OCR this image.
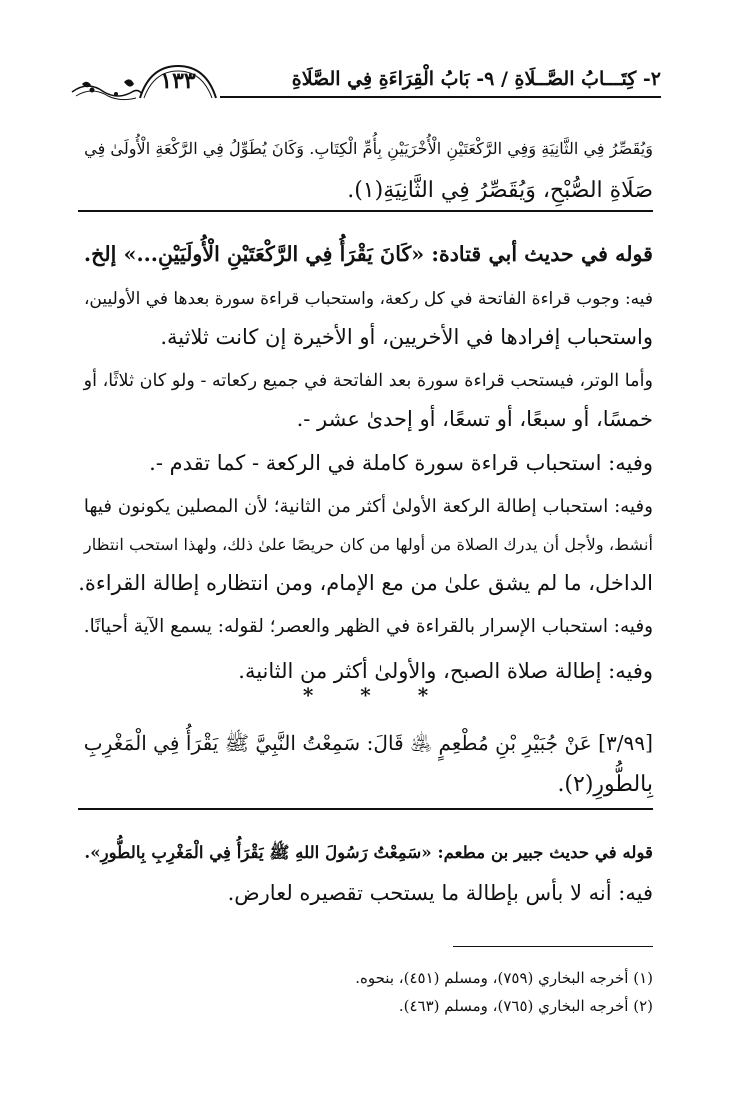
٢- كِتَـــابُ الصَّــلَاةِ / ٩- بَابُ الْقِرَاءَةِ فِي الصَّلَاةِ
١٣٣
وَيُقَصِّرُ فِي الثَّانِيَةِ وَفِي الرَّكْعَتَيْنِ الْأُخْرَيَيْنِ بِأُمِّ الْكِتَابِ. وَكَانَ يُطَوِّلُ فِي الرَّكْعَةِ الْأُولَىٰ فِي
صَلَاةِ الصُّبْحِ، وَيُقَصِّرُ فِي الثَّانِيَةِ(١).
قوله في حديث أبي قتادة: «كَانَ يَقْرَأُ فِي الرَّكْعَتَيْنِ الْأُولَيَيْنِ...» إلخ.
فيه: وجوب قراءة الفاتحة في كل ركعة، واستحباب قراءة سورة بعدها في الأوليين،
واستحباب إفرادها في الأخريين، أو الأخيرة إن كانت ثلاثية.
وأما الوتر، فيستحب قراءة سورة بعد الفاتحة في جميع ركعاته - ولو كان ثلاثًا، أو
خمسًا، أو سبعًا، أو تسعًا، أو إحدىٰ عشر -.
وفيه: استحباب قراءة سورة كاملة في الركعة - كما تقدم -.
وفيه: استحباب إطالة الركعة الأولىٰ أكثر من الثانية؛ لأن المصلين يكونون فيها
أنشط، ولأجل أن يدرك الصلاة من أولها من كان حريصًا علىٰ ذلك، ولهذا استحب انتظار
الداخل، ما لم يشق علىٰ من مع الإمام، ومن انتظاره إطالة القراءة.
وفيه: استحباب الإسرار بالقراءة في الظهر والعصر؛ لقوله: يسمع الآية أحيانًا.
وفيه: إطالة صلاة الصبح، والأولىٰ أكثر من الثانية.
* * *
[٣/٩٩] عَنْ جُبَيْرِ بْنِ مُطْعِمٍ ﵁ قَالَ: سَمِعْتُ النَّبِيَّ ﷺ يَقْرَأُ فِي الْمَغْرِبِ
بِالطُّورِ(٢).
قوله في حديث جبير بن مطعم: «سَمِعْتُ رَسُولَ اللهِ ﷺ يَقْرَأُ فِي الْمَغْرِبِ بِالطُّورِ».
فيه: أنه لا بأس بإطالة ما يستحب تقصيره لعارض.
(١) أخرجه البخاري (٧٥٩)، ومسلم (٤٥١)، بنحوه.
(٢) أخرجه البخاري (٧٦٥)، ومسلم (٤٦٣).
